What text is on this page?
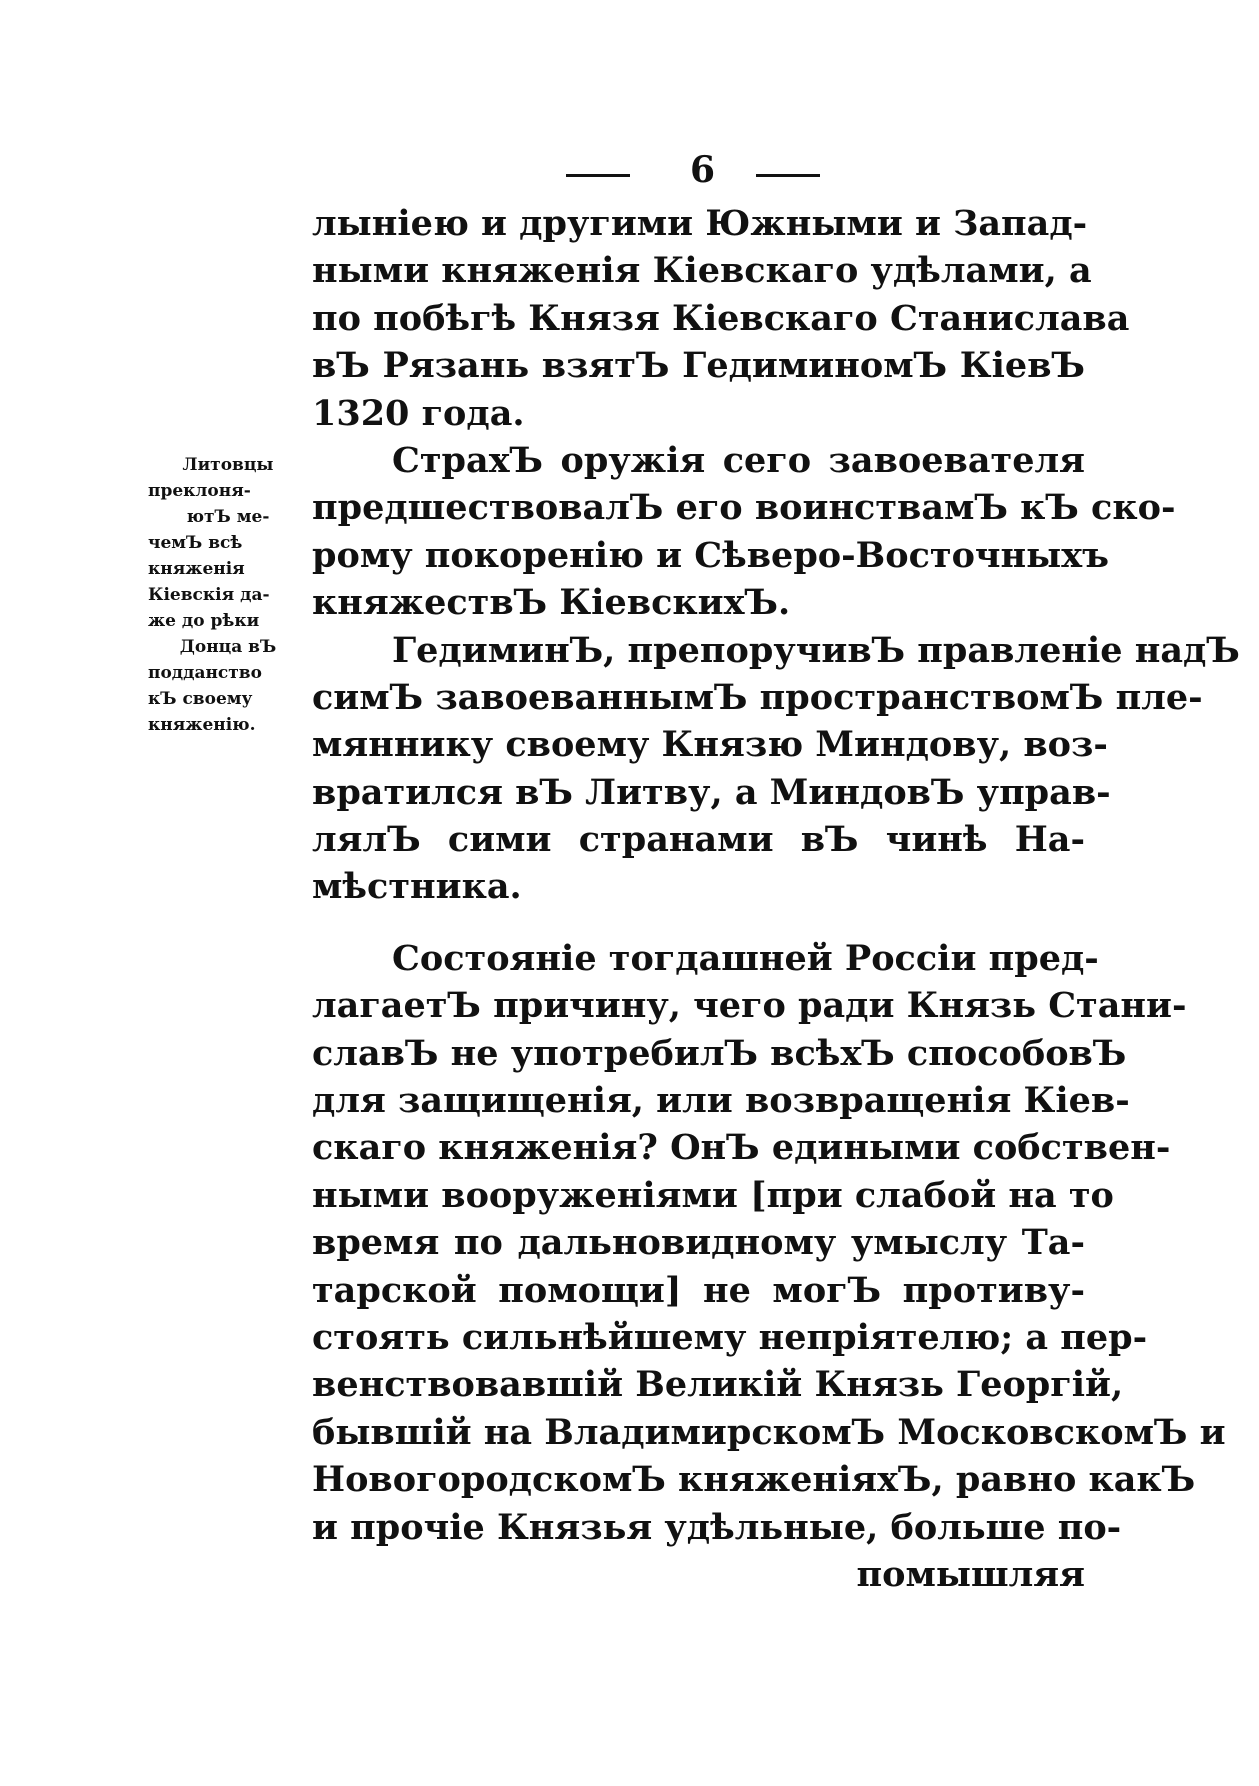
6
Литовцы
преклоня-
ютЪ ме-
чемЪ всѣ
княженія
Кіевскія да-
же до рѣки
Донца вЪ
подданство
кЪ своему
княженію.
лынiею и другими Южными и Запад-
ными княженія Кіевскаго удѣлами, а
по побѣгѣ Князя Кіевскаго Станислава
вЪ Рязань взятЪ ГедиминомЪ КіевЪ
1320 года.
СтрахЪ оружія сего завоевателя
предшествовалЪ его воинствамЪ кЪ ско-
рому покоренію и Сѣверо-Восточныхъ
княжествЪ КіевскихЪ.
ГедиминЪ, препоручивЪ правленіе надЪ
симЪ завоеваннымЪ пространствомЪ пле-
мяннику своему Князю Миндову, воз-
вратился вЪ Литву, а МиндовЪ управ-
лялЪ сими странами вЪ чинѣ На-
мѣстника.
Состояніе тогдашней Россіи пред-
лагаетЪ причину, чего ради Князь Стани-
славЪ не употребилЪ всѣхЪ способовЪ
для защищенія, или возвращенія Кіев-
скаго княженія? ОнЪ едиными собствен-
ными вооруженіями [при слабой на то
время по дальновидному умыслу Та-
тарской помощи] не могЪ противу-
стоять сильнѣйшему непріятелю; а пер-
венствовавшій Великій Князь Георгій,
бывшій на ВладимирскомЪ МосковскомЪ и
НовогородскомЪ княженіяхЪ, равно какЪ
и прочіе Князья удѣльные, больше по-
помышляя
